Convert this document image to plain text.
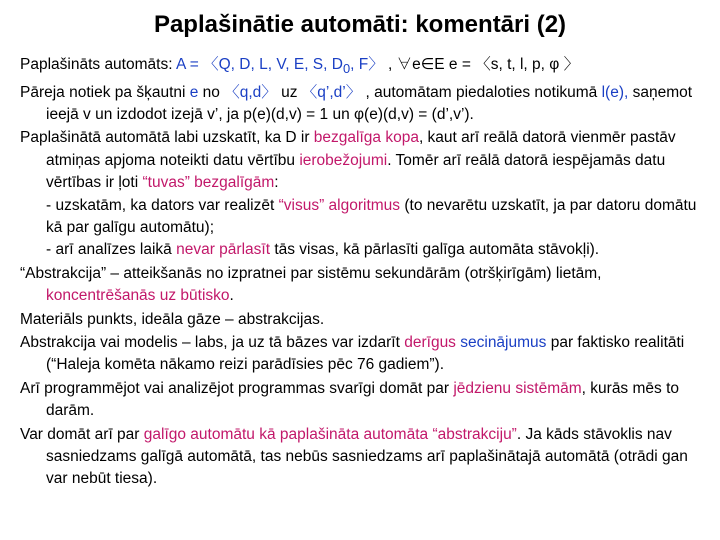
Paplašinātie automāti: komentāri (2)

Paplašināts automāts: A = 〈Q, D, L, V, E, S, $D_0$, F〉 , ∀e∈E e = 〈s, t, l, p, φ 〉

Pāreja notiek pa šķautni e no 〈q,d〉 uz 〈q’,d’〉 , automātam piedaloties notikumā l(e), saņemot ieejā v un izdodot izejā v’, ja p(e)(d,v) = 1 un φ(e)(d,v) = (d’,v’).

Paplašinātā automātā labi uzskatīt, ka D ir bezgalīga kopa, kaut arī reālā datorā vienmēr pastāv atmiņas apjoma noteikti datu vērtību ierobežojumi. Tomēr arī reālā datorā iespējamās datu vērtības ir ļoti “tuvas” bezgalīgām:
- uzskatām, ka dators var realizēt “visus” algoritmus (to nevarētu uzskatīt, ja par datoru domātu kā par galīgu automātu);
- arī analīzes laikā nevar pārlasīt tās visas, kā pārlasīti galīga automāta stāvokļi).

“Abstrakcija” – atteikšanās no izpratnei par sistēmu sekundārām (otršķirīgām) lietām, koncentrēšanās uz būtisko.

Materiāls punkts, ideāla gāze – abstrakcijas.

Abstrakcija vai modelis – labs, ja uz tā bāzes var izdarīt derīgus secinājumus par faktisko realitāti (“Haleja komēta nākamo reizi parādīsies pēc 76 gadiem”).

Arī programmējot vai analizējot programmas svarīgi domāt par jēdzienu sistēmām, kurās mēs to darām.

Var domāt arī par galīgo automātu kā paplašināta automāta “abstrakciju”. Ja kāds stāvoklis nav sasniedzams galīgā automātā, tas nebūs sasniedzams arī paplašinātajā automātā (otrādi gan var nebūt tiesa).
